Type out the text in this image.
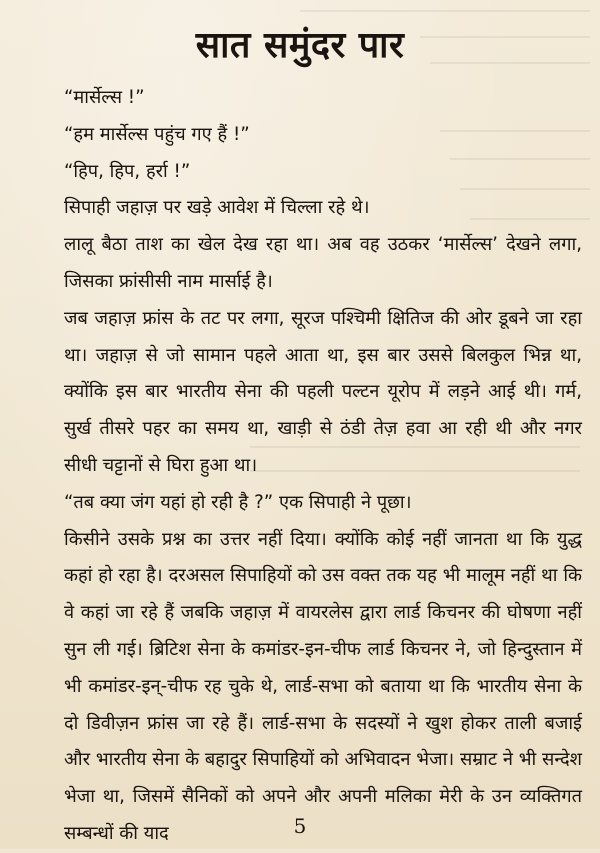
सात समुंदर पार

“मार्सेल्स !”

“हम मार्सेल्स पहुंच गए हैं !”

“हिप, हिप, हर्रा !”

सिपाही जहाज़ पर खड़े आवेश में चिल्ला रहे थे।

लालू बैठा ताश का खेल देख रहा था। अब वह उठकर ‘मार्सेल्स’ देखने लगा, जिसका फ्रांसीसी नाम मार्साई है।

जब जहाज़ फ्रांस के तट पर लगा, सूरज पश्चिमी क्षितिज की ओर डूबने जा रहा था। जहाज़ से जो सामान पहले आता था, इस बार उससे बिलकुल भिन्न था, क्योंकि इस बार भारतीय सेना की पहली पल्टन यूरोप में लड़ने आई थी। गर्म, सुर्ख तीसरे पहर का समय था, खाड़ी से ठंडी तेज़ हवा आ रही थी और नगर सीधी चट्टानों से घिरा हुआ था।

“तब क्या जंग यहां हो रही है ?” एक सिपाही ने पूछा।

किसीने उसके प्रश्न का उत्तर नहीं दिया। क्योंकि कोई नहीं जानता था कि युद्ध कहां हो रहा है। दरअसल सिपाहियों को उस वक्त तक यह भी मालूम नहीं था कि वे कहां जा रहे हैं जबकि जहाज़ में वायरलेस द्वारा लार्ड किचनर की घोषणा नहीं सुन ली गई। ब्रिटिश सेना के कमांडर-इन-चीफ लार्ड किचनर ने, जो हिन्दुस्तान में भी कमांडर-इन्-चीफ रह चुके थे, लार्ड-सभा को बताया था कि भारतीय सेना के दो डिवीज़न फ्रांस जा रहे हैं। लार्ड-सभा के सदस्यों ने खुश होकर ताली बजाई और भारतीय सेना के बहादुर सिपाहियों को अभिवादन भेजा। सम्राट ने भी सन्देश भेजा था, जिसमें सैनिकों को अपने और अपनी मलिका मेरी के उन व्यक्तिगत सम्बन्धों की याद	5
